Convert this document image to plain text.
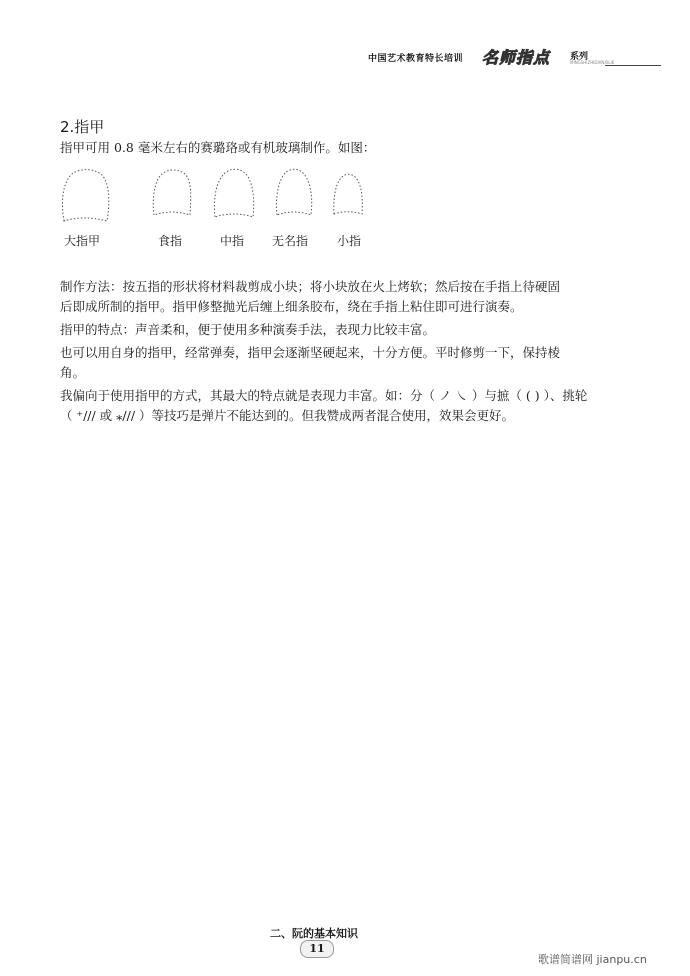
中国艺术教育特长培训 名师指点 系列
MINGSHIZHIDIANXILIE
2.指甲
指甲可用 0.8 毫米左右的赛璐珞或有机玻璃制作。如图：
大指甲	食指	中指 无名指 小指
制作方法：按五指的形状将材料裁剪成小块；将小块放在火上烤软；然后按在手指上待硬固
后即成所制的指甲。指甲修整抛光后缠上细条胶布，绕在手指上粘住即可进行演奏。
指甲的特点：声音柔和，便于使用多种演奏手法，表现力比较丰富。
也可以用自身的指甲，经常弹奏，指甲会逐渐坚硬起来，十分方便。平时修剪一下，保持棱
角。
我偏向于使用指甲的方式，其最大的特点就是表现力丰富。如：分（ ノ ㇏ ）与摭（ ( ) ）、挑轮
（ ⁺/// 或 ⁎/// ）等技巧是弹片不能达到的。但我赞成两者混合使用，效果会更好。
二、阮的基本知识
11
歌谱简谱网 jianpu.cn
